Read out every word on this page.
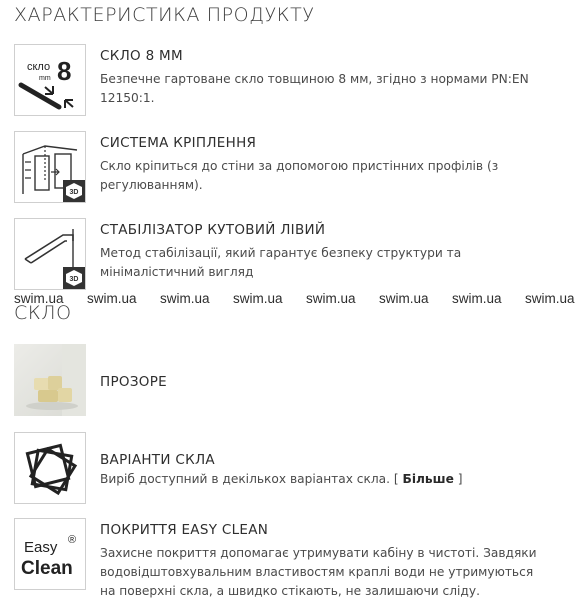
ХАРАКТЕРИСТИКА ПРОДУКТУ
скло
mm 8 СКЛО 8 ММ
Безпечне гартоване скло товщиною 8 мм, згідно з нормами PN:EN 12150:1.
3D
СИСТЕМА КРІПЛЕННЯ
Скло кріпиться до стіни за допомогою пристінних профілів (з регулюванням).
3D
СТАБІЛІЗАТОР КУТОВИЙ ЛІВИЙ
Метод стабілізації, який гарантує безпеку структури та мінімалістичний вигляд
swim.ua swim.ua swim.ua swim.ua swim.ua swim.ua swim.ua swim.ua
СКЛО
ПРОЗОРЕ
ВАРІАНТИ СКЛА
Виріб доступний в декількох варіантах скла. [ Більше ]
Easy ®
Clean
ПОКРИТТЯ EASY CLEAN
Захисне покриття допомагає утримувати кабіну в чистоті. Завдяки водовідштовхувальним властивостям краплі води не утримуються на поверхні скла, а швидко стікають, не залишаючи сліду.
